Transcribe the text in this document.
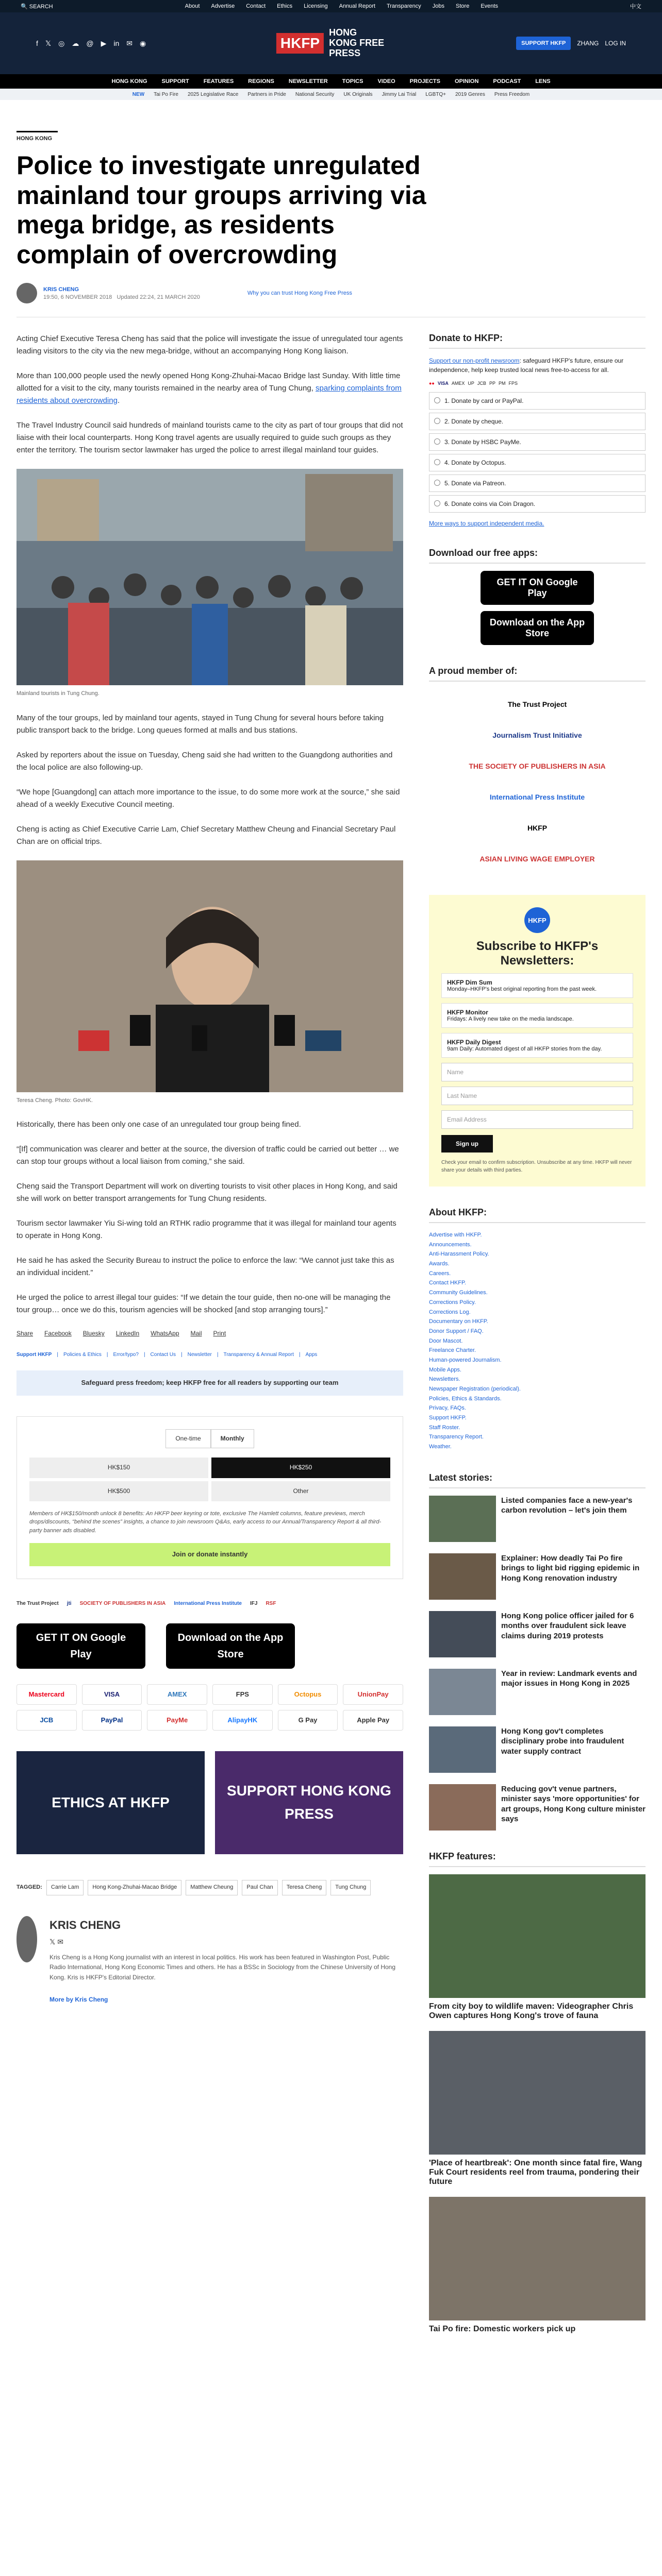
🔍 SEARCH	About Advertise Contact Ethics Licensing Annual Report Transparency Jobs Store Events	中文
f 𝕏 ◎ ☁ @ ▶ in ✉ ◉	HKFP
HONG KONG FREE PRESS
SUPPORT HKFP	ZHANG LOG IN
HONG KONG	SUPPORT	FEATURES	REGIONS	NEWSLETTER	TOPICS	VIDEO	PROJECTS	OPINION	PODCAST	LENS
NEW Tai Po Fire 2025 Legislative Race Partners in Pride National Security UK Originals Jimmy Lai Trial LGBTQ+ 2019 Genres Press Freedom
HONG KONG
Police to investigate unregulated mainland tour groups arriving via mega bridge, as residents complain of overcrowding
KRIS CHENG
19:50, 6 NOVEMBER 2018 Updated 22:24, 21 MARCH 2020
Why you can trust Hong Kong Free Press

Acting Chief Executive Teresa Cheng has said that the police will investigate the issue of unregulated tour agents leading visitors to the city via the new mega-bridge, without an accompanying Hong Kong liaison.

More than 100,000 people used the newly opened Hong Kong-Zhuhai-Macao Bridge last Sunday. With little time allotted for a visit to the city, many tourists remained in the nearby area of Tung Chung, sparking complaints from residents about overcrowding.

The Travel Industry Council said hundreds of mainland tourists came to the city as part of tour groups that did not liaise with their local counterparts. Hong Kong travel agents are usually required to guide such groups as they enter the territory. The tourism sector lawmaker has urged the police to arrest illegal mainland tour guides.

Mainland tourists in Tung Chung.

Many of the tour groups, led by mainland tour agents, stayed in Tung Chung for several hours before taking public transport back to the bridge. Long queues formed at malls and bus stations.

Asked by reporters about the issue on Tuesday, Cheng said she had written to the Guangdong authorities and the local police are also following-up.

“We hope [Guangdong] can attach more importance to the issue, to do some more work at the source,” she said ahead of a weekly Executive Council meeting.

Cheng is acting as Chief Executive Carrie Lam, Chief Secretary Matthew Cheung and Financial Secretary Paul Chan are on official trips.

Teresa Cheng. Photo: GovHK.

Historically, there has been only one case of an unregulated tour group being fined.

“[If] communication was clearer and better at the source, the diversion of traffic could be carried out better … we can stop tour groups without a local liaison from coming,” she said.

Cheng said the Transport Department will work on diverting tourists to visit other places in Hong Kong, and said she will work on better transport arrangements for Tung Chung residents.

Tourism sector lawmaker Yiu Si-wing told an RTHK radio programme that it was illegal for mainland tour agents to operate in Hong Kong.

He said he has asked the Security Bureau to instruct the police to enforce the law: “We cannot just take this as an individual incident.”

He urged the police to arrest illegal tour guides: “If we detain the tour guide, then no-one will be managing the tour group… once we do this, tourism agencies will be shocked [and stop arranging tours].”

Share Facebook Bluesky LinkedIn WhatsApp Mail Print
Support HKFP | Policies & Ethics | Error/typo? | Contact Us | Newsletter | Transparency & Annual Report | Apps
Safeguard press freedom; keep HKFP free for all readers by supporting our team
One-time	Monthly
HK$150	HK$250
HK$500	Other
Members of HK$150/month unlock 8 benefits: An HKFP beer keyring or tote, exclusive The Hamlett columns, feature previews, merch drops/discounts, “behind the scenes” insights, a chance to join newsroom Q&As, early access to our Annual/Transparency Report & all third-party banner ads disabled.
Join or donate instantly
The Trust Project jti SOCIETY OF PUBLISHERS IN ASIA International Press Institute IFJ RSF
GET IT ON Google Play
Download on the App Store
Mastercard	VISA	AMEX	FPS	Octopus	UnionPay
JCB	PayPal	PayMe	AlipayHK	G Pay	Apple Pay
ETHICS AT HKFP
SUPPORT HONG KONG PRESS
TAGGED:	Carrie Lam	Hong Kong-Zhuhai-Macao Bridge	Matthew Cheung	Paul Chan	Teresa Cheng	Tung Chung
KRIS CHENG
𝕏 ✉

Kris Cheng is a Hong Kong journalist with an interest in local politics. His work has been featured in Washington Post, Public Radio International, Hong Kong Economic Times and others. He has a BSSc in Sociology from the Chinese University of Hong Kong. Kris is HKFP's Editorial Director.

More by Kris Cheng
Donate to HKFP:

Support our non-profit newsroom: safeguard HKFP's future, ensure our independence, help keep trusted local news free-to-access for all.

●● VISA AMEX UP JCB PP PM FPS
1. Donate by card or PayPal.
2. Donate by cheque.
3. Donate by HSBC PayMe.
4. Donate by Octopus.
5. Donate via Patreon.
6. Donate coins via Coin Dragon.
More ways to support independent media.
Download our free apps:
GET IT ON Google Play
Download on the App Store
A proud member of:
The Trust Project
Journalism Trust Initiative
THE SOCIETY OF PUBLISHERS IN ASIA
International Press Institute
HKFP
ASIAN LIVING WAGE EMPLOYER
HKFP
Subscribe to HKFP's Newsletters:
HKFP Dim Sum
Monday–HKFP's best original reporting from the past week.
HKFP Monitor
Fridays: A lively new take on the media landscape.
HKFP Daily Digest
9am Daily: Automated digest of all HKFP stories from the day.
Name
Last Name
Email Address
Sign up

Check your email to confirm subscription. Unsubscribe at any time. HKFP will never share your details with third parties.

About HKFP:
Advertise with HKFP.
Announcements.
Anti-Harassment Policy.
Awards.
Careers.
Contact HKFP.
Community Guidelines.
Corrections Policy.
Corrections Log.
Documentary on HKFP.
Donor Support / FAQ.
Door Mascot.
Freelance Charter.
Human-powered Journalism.
Mobile Apps.
Newsletters.
Newspaper Registration (periodical).
Policies, Ethics & Standards.
Privacy, FAQs.
Support HKFP.
Staff Roster.
Transparency Report.
Weather.
Latest stories:
Listed companies face a new-year's carbon revolution – let's join them
Explainer: How deadly Tai Po fire brings to light bid rigging epidemic in Hong Kong renovation industry
Hong Kong police officer jailed for 6 months over fraudulent sick leave claims during 2019 protests
Year in review: Landmark events and major issues in Hong Kong in 2025
Hong Kong gov't completes disciplinary probe into fraudulent water supply contract
Reducing gov't venue partners, minister says 'more opportunities' for art groups, Hong Kong culture minister says
HKFP features:
From city boy to wildlife maven: Videographer Chris Owen captures Hong Kong's trove of fauna
'Place of heartbreak': One month since fatal fire, Wang Fuk Court residents reel from trauma, pondering their future
Tai Po fire: Domestic workers pick up
